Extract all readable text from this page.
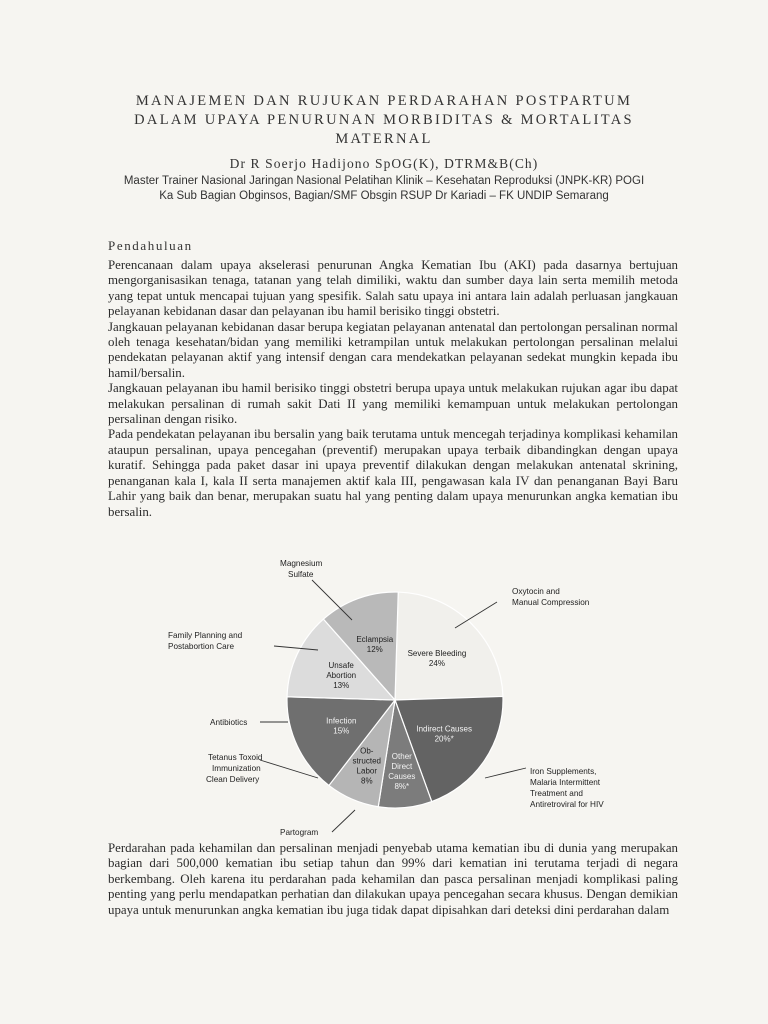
MANAJEMEN DAN RUJUKAN PERDARAHAN POSTPARTUM
DALAM UPAYA PENURUNAN MORBIDITAS & MORTALITAS
MATERNAL
Dr R Soerjo Hadijono SpOG(K), DTRM&B(Ch)
Master Trainer Nasional Jaringan Nasional Pelatihan Klinik – Kesehatan Reproduksi (JNPK-KR) POGI
Ka Sub Bagian Obginsos, Bagian/SMF Obsgin RSUP Dr Kariadi – FK UNDIP Semarang
Pendahuluan

Perencanaan dalam upaya akselerasi penurunan Angka Kematian Ibu (AKI) pada dasarnya bertujuan mengorganisasikan tenaga, tatanan yang telah dimiliki, waktu dan sumber daya lain serta memilih metoda yang tepat untuk mencapai tujuan yang spesifik. Salah satu upaya ini antara lain adalah perluasan jangkauan pelayanan kebidanan dasar dan pelayanan ibu hamil berisiko tinggi obstetri.

Jangkauan pelayanan kebidanan dasar berupa kegiatan pelayanan antenatal dan pertolongan persalinan normal oleh tenaga kesehatan/bidan yang memiliki ketrampilan untuk melakukan pertolongan persalinan melalui pendekatan pelayanan aktif yang intensif dengan cara mendekatkan pelayanan sedekat mungkin kepada ibu hamil/bersalin.

Jangkauan pelayanan ibu hamil berisiko tinggi obstetri berupa upaya untuk melakukan rujukan agar ibu dapat melakukan persalinan di rumah sakit Dati II yang memiliki kemampuan untuk melakukan pertolongan persalinan dengan risiko.

Pada pendekatan pelayanan ibu bersalin yang baik terutama untuk mencegah terjadinya komplikasi kehamilan ataupun persalinan, upaya pencegahan (preventif) merupakan upaya terbaik dibandingkan dengan upaya kuratif. Sehingga pada paket dasar ini upaya preventif dilakukan dengan melakukan antenatal skrining, penanganan kala I, kala II serta manajemen aktif kala III, pengawasan kala IV dan penanganan Bayi Baru Lahir yang baik dan benar, merupakan suatu hal yang penting dalam upaya menurunkan angka kematian ibu bersalin.

Severe Bleeding 24%
Indirect Causes 20%*
Other Direct Causes 8%*
Ob-structed Labor 8%
Infection 15%
Unsafe Abortion 13%
Eclampsia 12%
Oxytocin and Manual Compression
Magnesium Sulfate
Family Planning and Postabortion Care
Antibiotics
Tetanus Toxoid Immunization Clean Delivery
Partogram
Iron Supplements, Malaria Intermittent Treatment and Antiretroviral for HIV

Perdarahan pada kehamilan dan persalinan menjadi penyebab utama kematian ibu di dunia yang merupakan bagian dari 500,000 kematian ibu setiap tahun dan 99% dari kematian ini terutama terjadi di negara berkembang. Oleh karena itu perdarahan pada kehamilan dan pasca persalinan menjadi komplikasi paling penting yang perlu mendapatkan perhatian dan dilakukan upaya pencegahan secara khusus. Dengan demikian upaya untuk menurunkan angka kematian ibu juga tidak dapat dipisahkan dari deteksi dini perdarahan dalam
